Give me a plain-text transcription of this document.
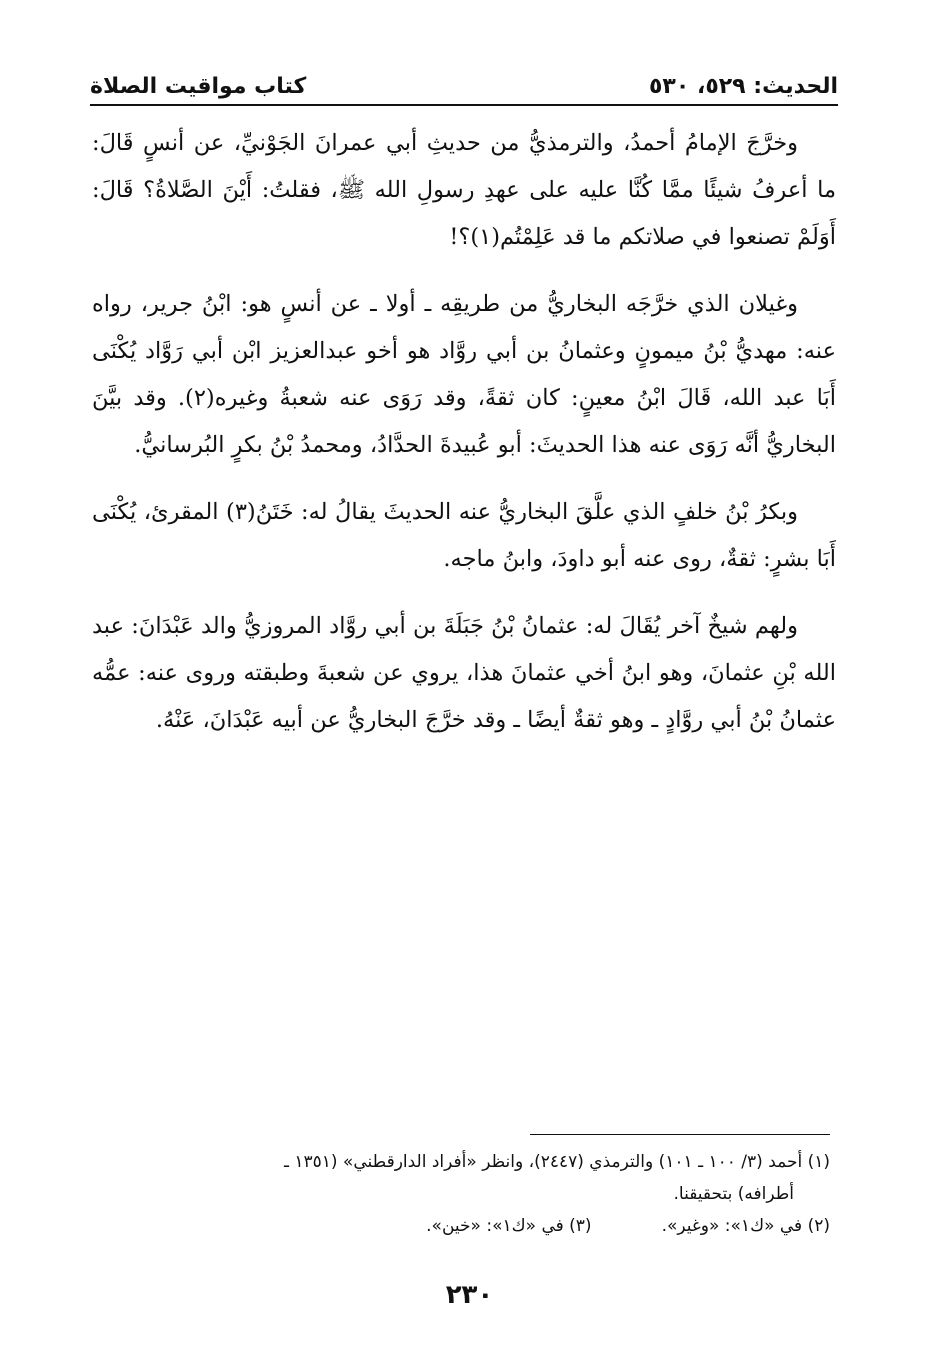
الحديث: ٥٢٩، ٥٣٠
كتاب مواقيت الصلاة

وخرَّجَ الإمامُ أحمدُ، والترمذيُّ من حديثِ أبي عمرانَ الجَوْنيِّ، عن أنسٍ قَالَ: ما أعرفُ شيئًا ممَّا كُنَّا عليه على عهدِ رسولِ الله ﷺ، فقلتُ: أَيْنَ الصَّلاةُ؟ قَالَ: أَوَلَمْ تصنعوا في صلاتكم ما قد عَلِمْتُم(١)؟!

وغيلان الذي خرَّجَه البخاريُّ من طريقِه ـ أولا ـ عن أنسٍ هو: ابْنُ جرير، رواه عنه: مهديُّ بْنُ ميمونٍ وعثمانُ بن أبي روَّاد هو أخو عبدالعزيز ابْن أبي رَوَّاد يُكْنَى أَبَا عبد الله، قَالَ ابْنُ معينٍ: كان ثقةً، وقد رَوَى عنه شعبةُ وغيره(٢). وقد بيَّنَ البخاريُّ أنَّه رَوَى عنه هذا الحديثَ: أبو عُبيدةَ الحدَّادُ، ومحمدُ بْنُ بكرٍ البُرسانيُّ.

وبكرُ بْنُ خلفٍ الذي علَّقَ البخاريُّ عنه الحديثَ يقالُ له: خَتَنُ(٣) المقرئ، يُكْنَى أَبَا بشرٍ: ثقةٌ، روى عنه أبو داودَ، وابنُ ماجه.

ولهم شيخٌ آخر يُقَالَ له: عثمانُ بْنُ جَبَلَةَ بن أبي روَّاد المروزيُّ والد عَبْدَانَ: عبد الله بْنِ عثمانَ، وهو ابنُ أخي عثمانَ هذا، يروي عن شعبةَ وطبقته وروى عنه: عمُّه عثمانُ بْنُ أبي روَّادٍ ـ وهو ثقةٌ أيضًا ـ وقد خرَّجَ البخاريُّ عن أبيه عَبْدَانَ، عَنْهُ.

(١) أحمد (٣/ ١٠٠ ـ ١٠١) والترمذي (٢٤٤٧)، وانظر «أفراد الدارقطني» (١٣٥١ ـ
أطرافه) بتحقيقنا.
(٢) في «ك١»: «وغير».
(٣) في «ك١»: «خين».
٢٣٠
